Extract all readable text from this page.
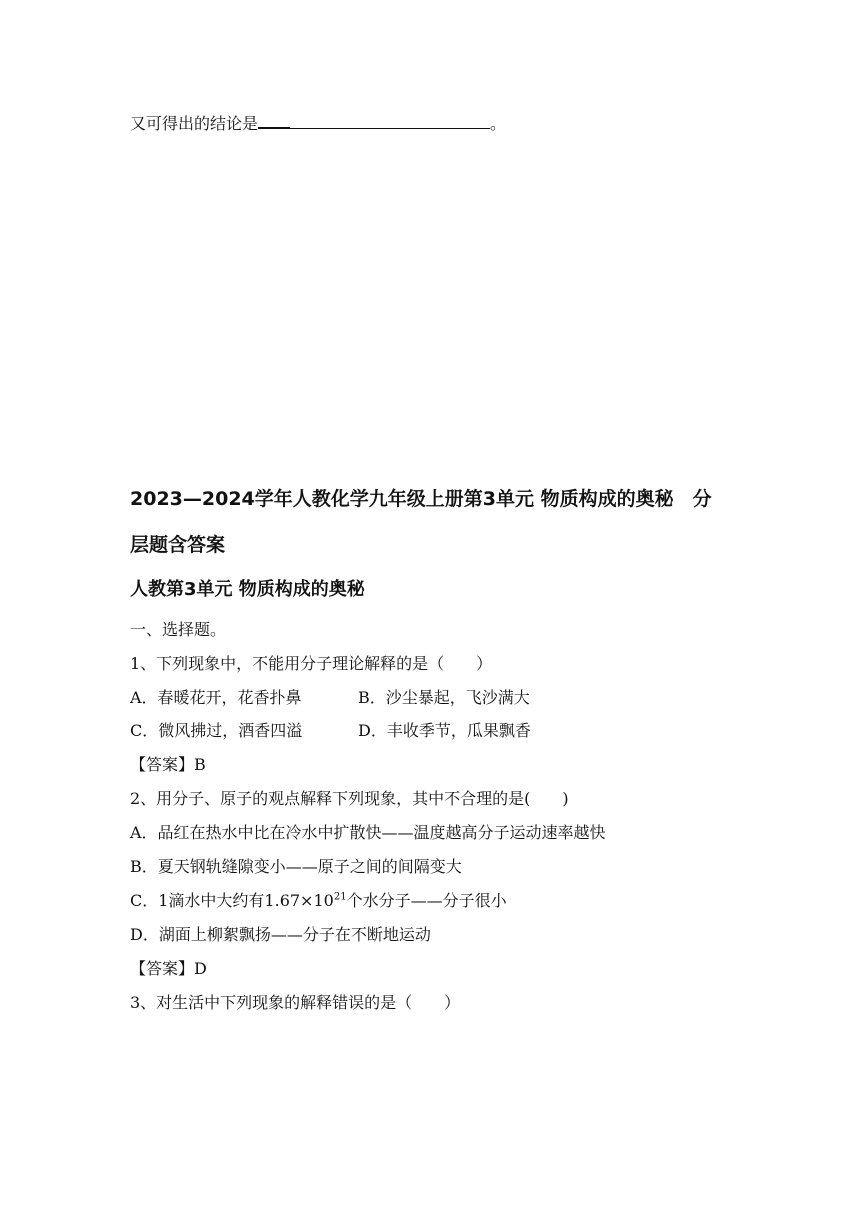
又可得出的结论是	。
2023—2024学年人教化学九年级上册第3单元 物质构成的奥秘　分
层题含答案
人教第3单元 物质构成的奥秘
一、选择题。
1、下列现象中，不能用分子理论解释的是（　　）
A．春暖花开，花香扑鼻	B．沙尘暴起，飞沙满大
C．微风拂过，酒香四溢	D．丰收季节，瓜果飘香
【答案】B
2、用分子、原子的观点解释下列现象，其中不合理的是(　　)
A．品红在热水中比在冷水中扩散快——温度越高分子运动速率越快
B．夏天钢轨缝隙变小——原子之间的间隔变大
C．1滴水中大约有$1.67\times 10^{21}$个水分子——分子很小
D．湖面上柳絮飘扬——分子在不断地运动
【答案】D
3、对生活中下列现象的解释错误的是（　　）
